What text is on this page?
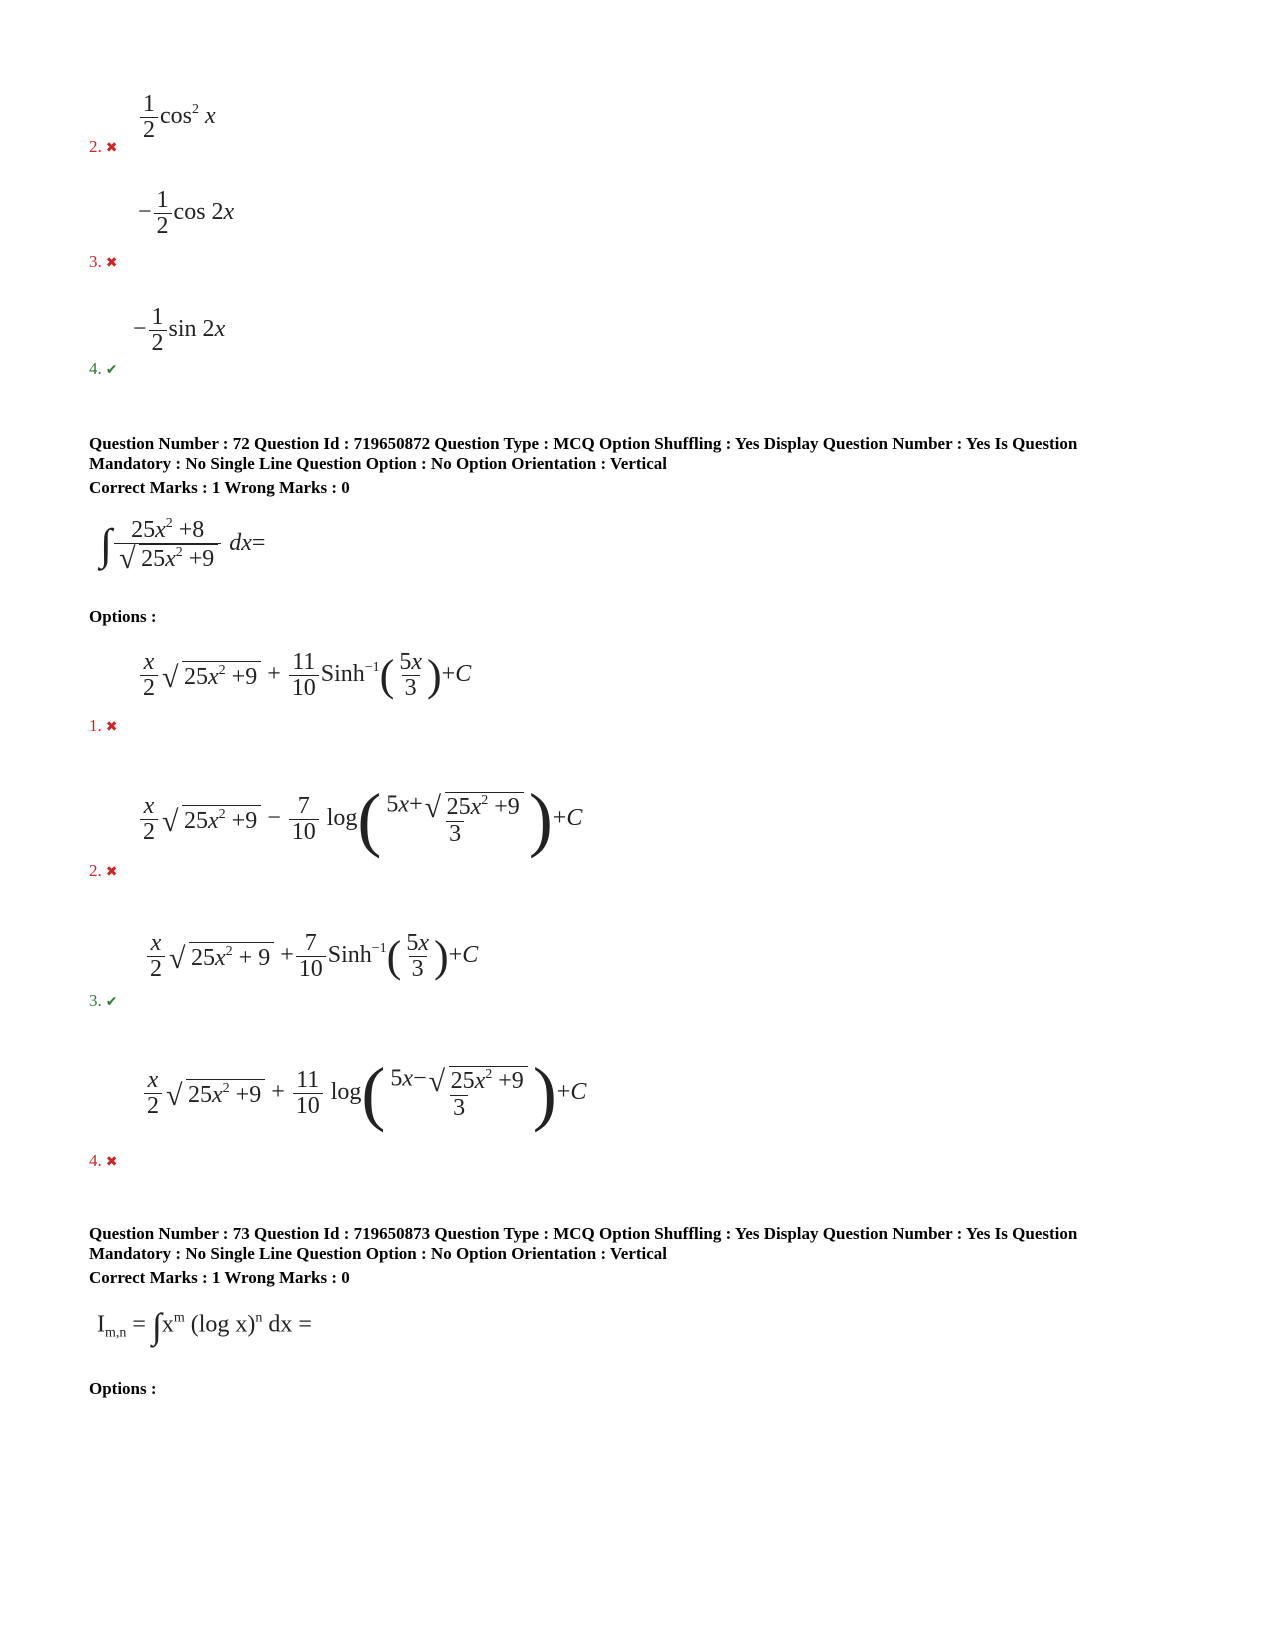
$\frac{1}{2} \cos^2 x$
2. ✖
− $\frac{1}{2}$ cos 2x
3. ✖
− $\frac{1}{2}$ sin 2x
4. ✔
Question Number : 72 Question Id : 719650872 Question Type : MCQ Option Shuffling : Yes Display Question Number : Yes Is Question
Mandatory : No Single Line Question Option : No Option Orientation : Vertical
Correct Marks : 1 Wrong Marks : 0
∫ $\frac{25x^2 +8}{√ 25x^2 +9} dx=$
Options :
$\frac{x}{2}$ √ $25x^2 +9 + \frac{11}{10}$ Sinh$^{-1}$( $\frac{5x}{3} )+C$
1. ✖
$\frac{x}{2}$ √ $25x^2 +9 - \frac{7}{10} \log( \frac{5x+ √ 25x^2 +9}{3} )+C$
2. ✖
$\frac{x}{2}$ √ $25x^2 + 9 + \frac{7}{10}$ Sinh$^{-1}$( $\frac{5x}{3} )+C$
3. ✔
$\frac{x}{2}$ √ $25x^2 +9 + \frac{11}{10} \log( \frac{5x- √ 25x^2 +9}{3} )+C$
4. ✖
Question Number : 73 Question Id : 719650873 Question Type : MCQ Option Shuffling : Yes Display Question Number : Yes Is Question
Mandatory : No Single Line Question Option : No Option Orientation : Vertical
Correct Marks : 1 Wrong Marks : 0
$I_{m,n} = \int x^m$ (log x)$^n$ dx =
Options :
